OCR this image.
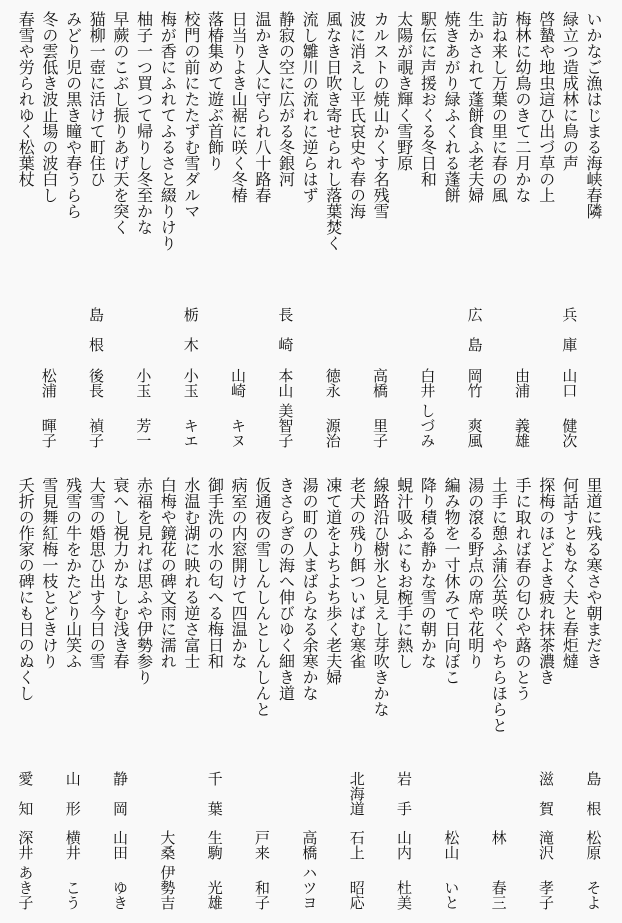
いかなご漁はじまる海峡春隣
緑立つ造成林に鳥の声
啓蟄や地虫這ひ出づ草の上
梅林に幼鳥のきて二月かな
訪ね来し万葉の里に春の風
生かされて蓬餅食ふ老夫婦
焼きあがり緑ふくれる蓬餅
駅伝に声援おくる冬日和
太陽が覗き輝く雪野原
カルストの焼山かくす名残雪
波に消えし平氏哀史や春の海
風なき日吹き寄せられし落葉焚く
流し雛川の流れに逆らはず
静寂の空に広がる冬銀河
温かき人に守られ八十路春
日当りよき山裾に咲く冬椿
落椿集めて遊ぶ首飾り
校門の前にたたずむ雪ダルマ
梅が香にふれてふるさと綴りけり
柚子一つ買つて帰りし冬至かな
早蕨のこぶし振りあげ天を突く
猫柳一壺に活けて町住ひ
みどり児の黒き瞳や春うらら
冬の雲低き波止場の波白し
春雪や労られゆく松葉杖
兵庫
山口
健次
由浦
義雄
広島
岡竹
爽風
白井
しづみ
高橋
里子
徳永
源治
長崎
本山
美智子
山崎
キヌ
栃木
小玉
キエ
小玉
芳一
島根
後長
禎子
松浦
暉子
里道に残る寒さや朝まだき
何話すともなく夫と春炬燵
探梅のほどよき疲れ抹茶濃き
手に取れば春の匂ひや蕗のとう
土手に憩ふ蒲公英咲くやちらほらと
湯の滾る野点の席や花明り
編み物を一寸休みて日向ぼこ
降り積る静かな雪の朝かな
蜆汁吸ふにもお椀手に熱し
線路沿ひ樹氷と見えし芽吹きかな
老犬の残り餌ついばむ寒雀
凍て道をよちよち歩く老夫婦
湯の町の人まばらなる余寒かな
きさらぎの海へ伸びゆく細き道
仮通夜の雪しんしんとしんしんと
病室の内窓開けて四温かな
御手洗の水の匂へる梅日和
水温む湖に映れる逆さ富士
白梅や鏡花の碑文雨に濡れ
赤福を見れば思ふや伊勢参り
衰へし視力かなしむ浅き春
大雪の婚思ひ出す今日の雪
残雪の牛をかたどり山笑ふ
雪見舞紅梅一枝とどきけり
夭折の作家の碑にも日のぬくし
島根
松原
そよ
滋賀
滝沢
孝子
林
春三
松山
いと
岩手
山内
杜美
北海道
石上
昭応
高橋
ハツヨ
戸来
和子
千葉
生駒
光雄
大桑
伊勢吉
静岡
山田
ゆき
山形
横井
こう
愛知
深井
あき子
